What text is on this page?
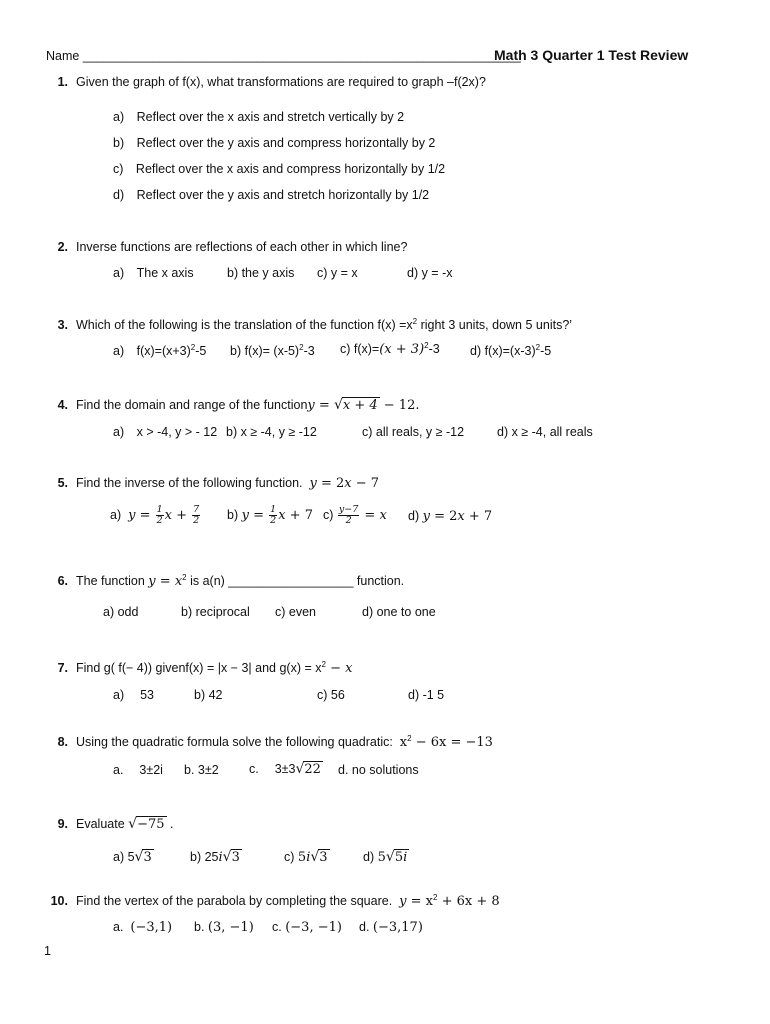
Name _______________________________________________________________
Math 3 Quarter 1 Test Review
1. Given the graph of f(x), what transformations are required to graph –f(2x)?
a) Reflect over the x axis and stretch vertically by 2
b) Reflect over the y axis and compress horizontally by 2
c) Reflect over the x axis and compress horizontally by 1/2
d) Reflect over the y axis and stretch horizontally by 1/2
2. Inverse functions are reflections of each other in which line?
a) The x axis	b) the y axis c) y = x	d) y = -x
3. Which of the following is the translation of the function $f(x) =x^2$ right 3 units, down 5 units?’
a) $f(x)=(x+3)^2-5$ b) $f(x)= (x-5)^2-3$ c) $f(x)=(x + 3)^2-3$ d) $f(x)=(x-3)^2-5$
4. Find the domain and range of the functiony = √x + 4 − 12.
a) x > -4, y > - 12 b) x ≥ -4, y ≥ -12	c) all reals, y ≥ -12	d) x ≥ -4, all reals
5. Find the inverse of the following function. y = 2x − 7
a) $y = \frac{1}{2}$ $x + \frac{7}{2} b$) $y = \frac{1}{2}$ x + 7 $c) \frac{y-7}{2} = x$ d) y = 2x + 7
6. The function $y = x^2$ is a(n) __________________ function.
a) odd	b) reciprocal c) even	d) one to one
7. Find g( f(− 4)) givenf(x) = |x − 3| and $g(x) = x^2 - x$
a)  53	b) 42	c) 56	d) -1 5
8. Using the quadratic formula solve the following quadratic: $x^2 - 6x = -13$
a.  3±2i b. 3±2 c.  3±3√22 d. no solutions
9. Evaluate √−75 .
a) 5√3	b) 25i√3	c) 5i√3	d) 5√5i
10. Find the vertex of the parabola by completing the square. $y = x^2 + 6x + 8$
a. (−3,1) b. (3, −1) c. (−3, −1) d. (−3,17)
1
